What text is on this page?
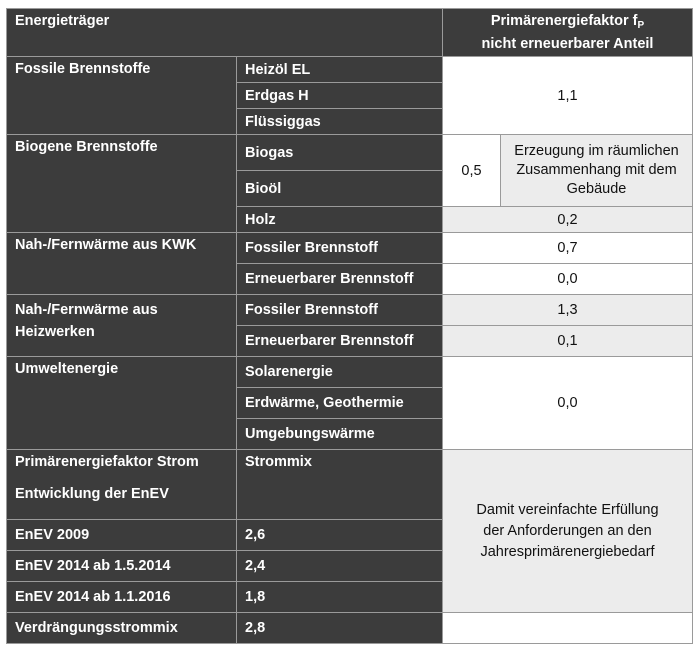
Energieträger		Primärenergiefaktor $f_P$
nicht erneuerbarer Anteil	

Fossile Brennstoffe	Heizöl EL	1,1	
	Erdgas H		
	Flüssiggas		
Biogene Brennstoffe	Biogas	0,5	Erzeugung im räumlichen Zusammenhang mit dem Gebäude
	Bioöl		
	Holz	0,2	
Nah-/Fernwärme aus KWK	Fossiler Brennstoff	0,7	
	Erneuerbarer Brennstoff	0,0	
Nah-/Fernwärme aus Heizwerken	Fossiler Brennstoff	1,3	
	Erneuerbarer Brennstoff	0,1	
Umweltenergie	Solarenergie	0,0	
	Erdwärme, Geothermie		
	Umgebungswärme		

Primärenergiefaktor Strom
Entwicklung der EnEV	Strommix	Damit vereinfachte Erfüllung der Anforderungen an den Jahresprimärenergiebedarf	
EnEV 2009	2,6		
EnEV 2014 ab 1.5.2014	2,4		
EnEV 2014 ab 1.1.2016	1,8		
Verdrängungsstrommix	2,8		
